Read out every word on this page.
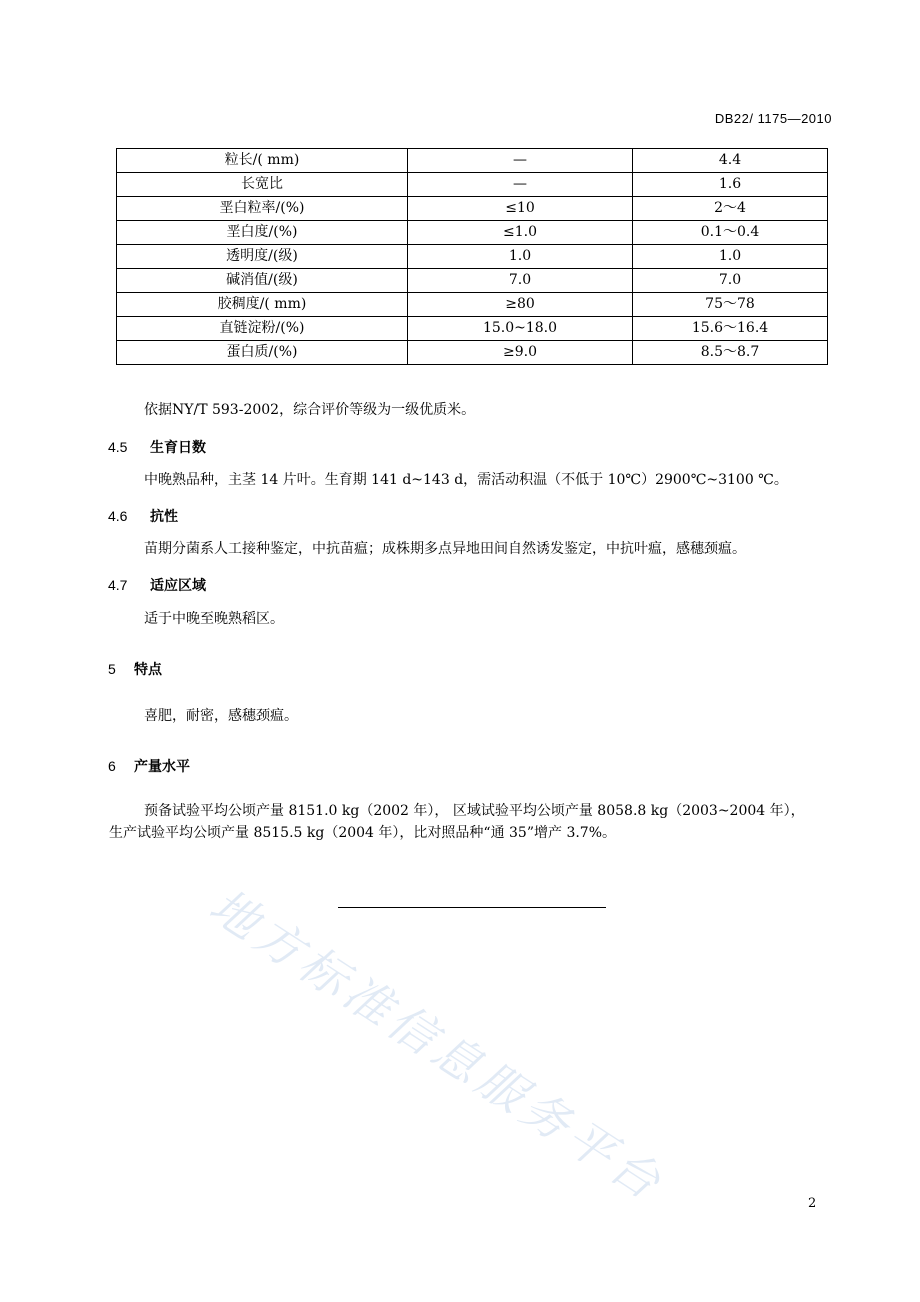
DB22/ 1175—2010
粒长/( mm)	—	4.4
长宽比	—	1.6
垩白粒率/(%)	≤10	2～4
垩白度/(%)	≤1.0	0.1～0.4
透明度/(级)	1.0	1.0
碱消值/(级)	7.0	7.0
胶稠度/( mm)	≥80	75～78
直链淀粉/(%)	15.0~18.0	15.6～16.4
蛋白质/(%)	≥9.0	8.5～8.7
依据NY/T 593-2002，综合评价等级为一级优质米。
4.5 生育日数
中晚熟品种，主茎 14 片叶。生育期 141 d~143 d，需活动积温（不低于 10℃）2900℃~3100 ℃。
4.6 抗性
苗期分菌系人工接种鉴定，中抗苗瘟；成株期多点异地田间自然诱发鉴定，中抗叶瘟，感穗颈瘟。
4.7 适应区域
适于中晚至晚熟稻区。
5 特点
喜肥，耐密，感穗颈瘟。
6 产量水平
预备试验平均公顷产量 8151.0 kg（2002 年）， 区域试验平均公顷产量 8058.8 kg（2003~2004 年），
生产试验平均公顷产量 8515.5 kg（2004 年），比对照品种“通 35”增产 3.7%。
地方标准信息服务平台	2
